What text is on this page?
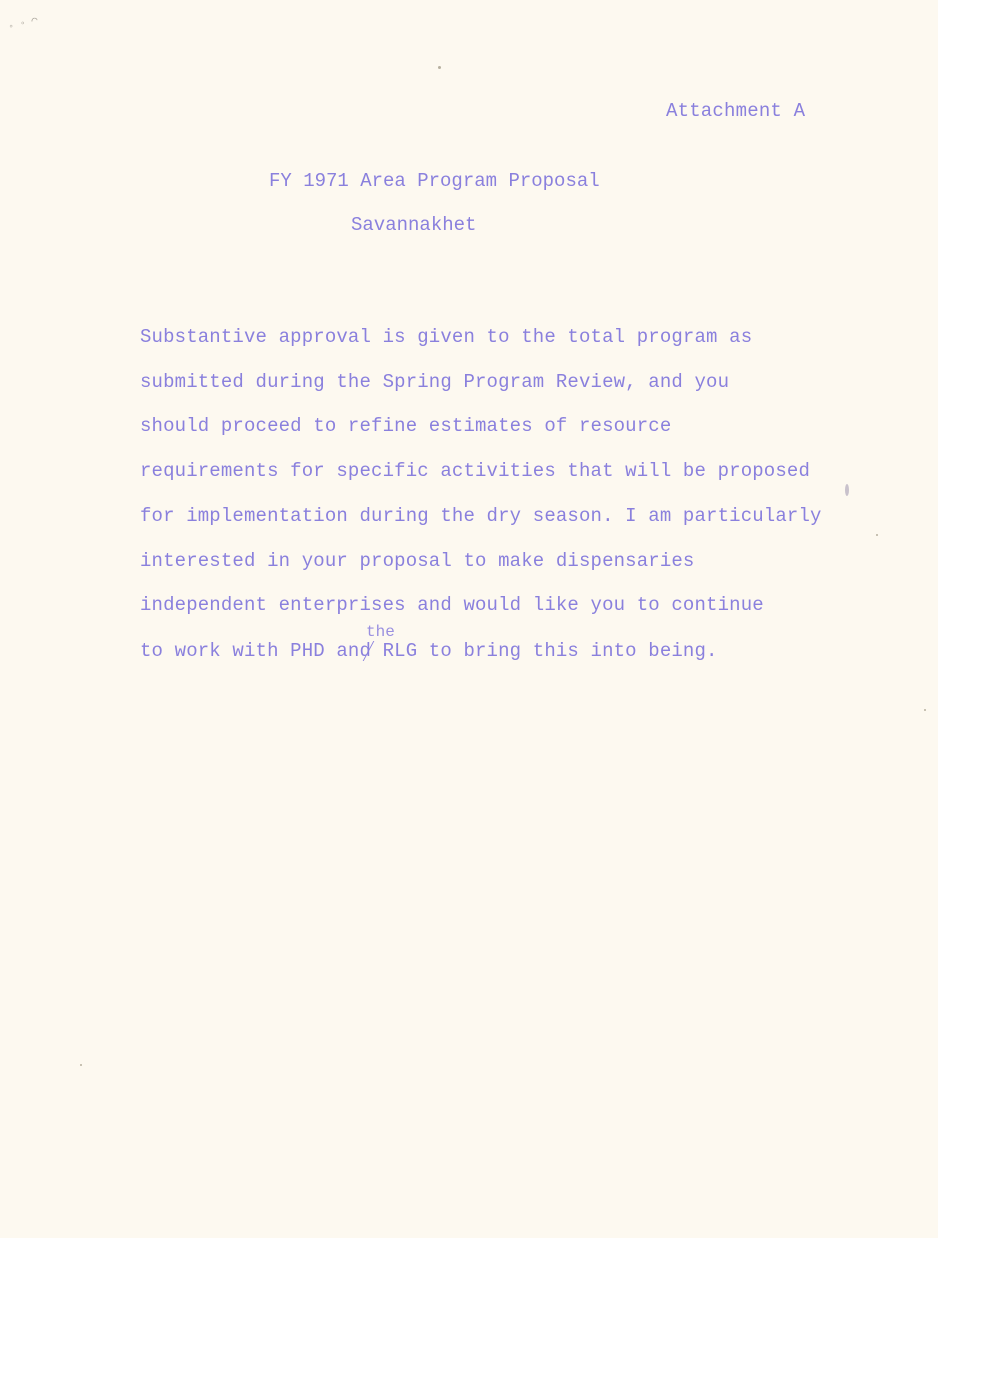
◦ ◦ ⌒
Attachment A
FY 1971 Area Program Proposal
Savannakhet
Substantive approval is given to the total program as
submitted during the Spring Program Review, and you
should proceed to refine estimates of resource
requirements for specific activities that will be proposed
for implementation during the dry season. I am particularly
interested in your proposal to make dispensaries
independent enterprises and would like you to continue
to work with PHD and RLG to bring this into being.
the
